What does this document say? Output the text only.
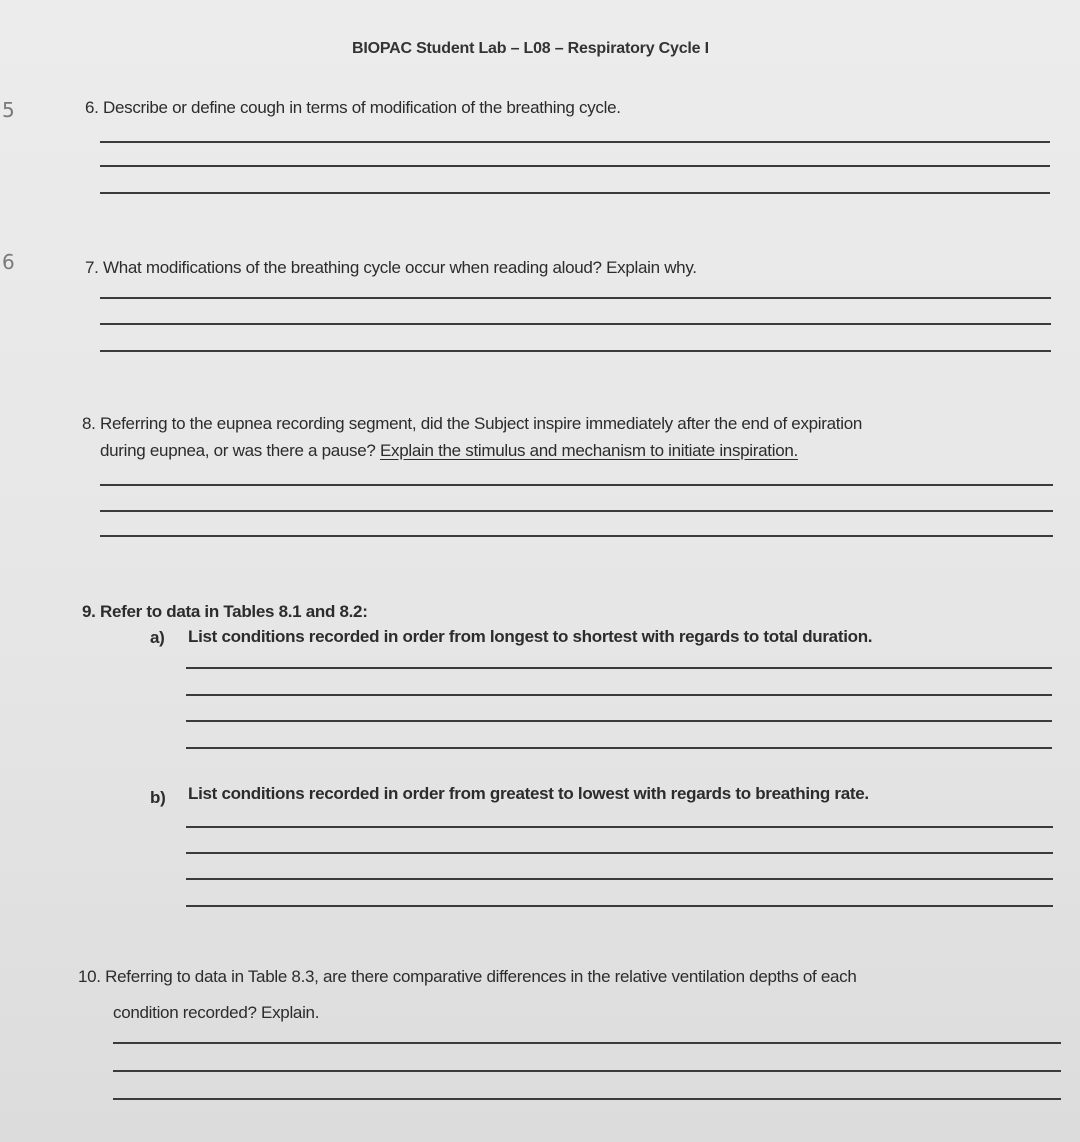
BIOPAC Student Lab – L08 – Respiratory Cycle I
5
6
6. Describe or define cough in terms of modification of the breathing cycle.
7. What modifications of the breathing cycle occur when reading aloud? Explain why.
8. Referring to the eupnea recording segment, did the Subject inspire immediately after the end of expiration
during eupnea, or was there a pause? Explain the stimulus and mechanism to initiate inspiration.
9. Refer to data in Tables 8.1 and 8.2:
a) List conditions recorded in order from longest to shortest with regards to total duration.
b) List conditions recorded in order from greatest to lowest with regards to breathing rate.
10. Referring to data in Table 8.3, are there comparative differences in the relative ventilation depths of each
condition recorded? Explain.
